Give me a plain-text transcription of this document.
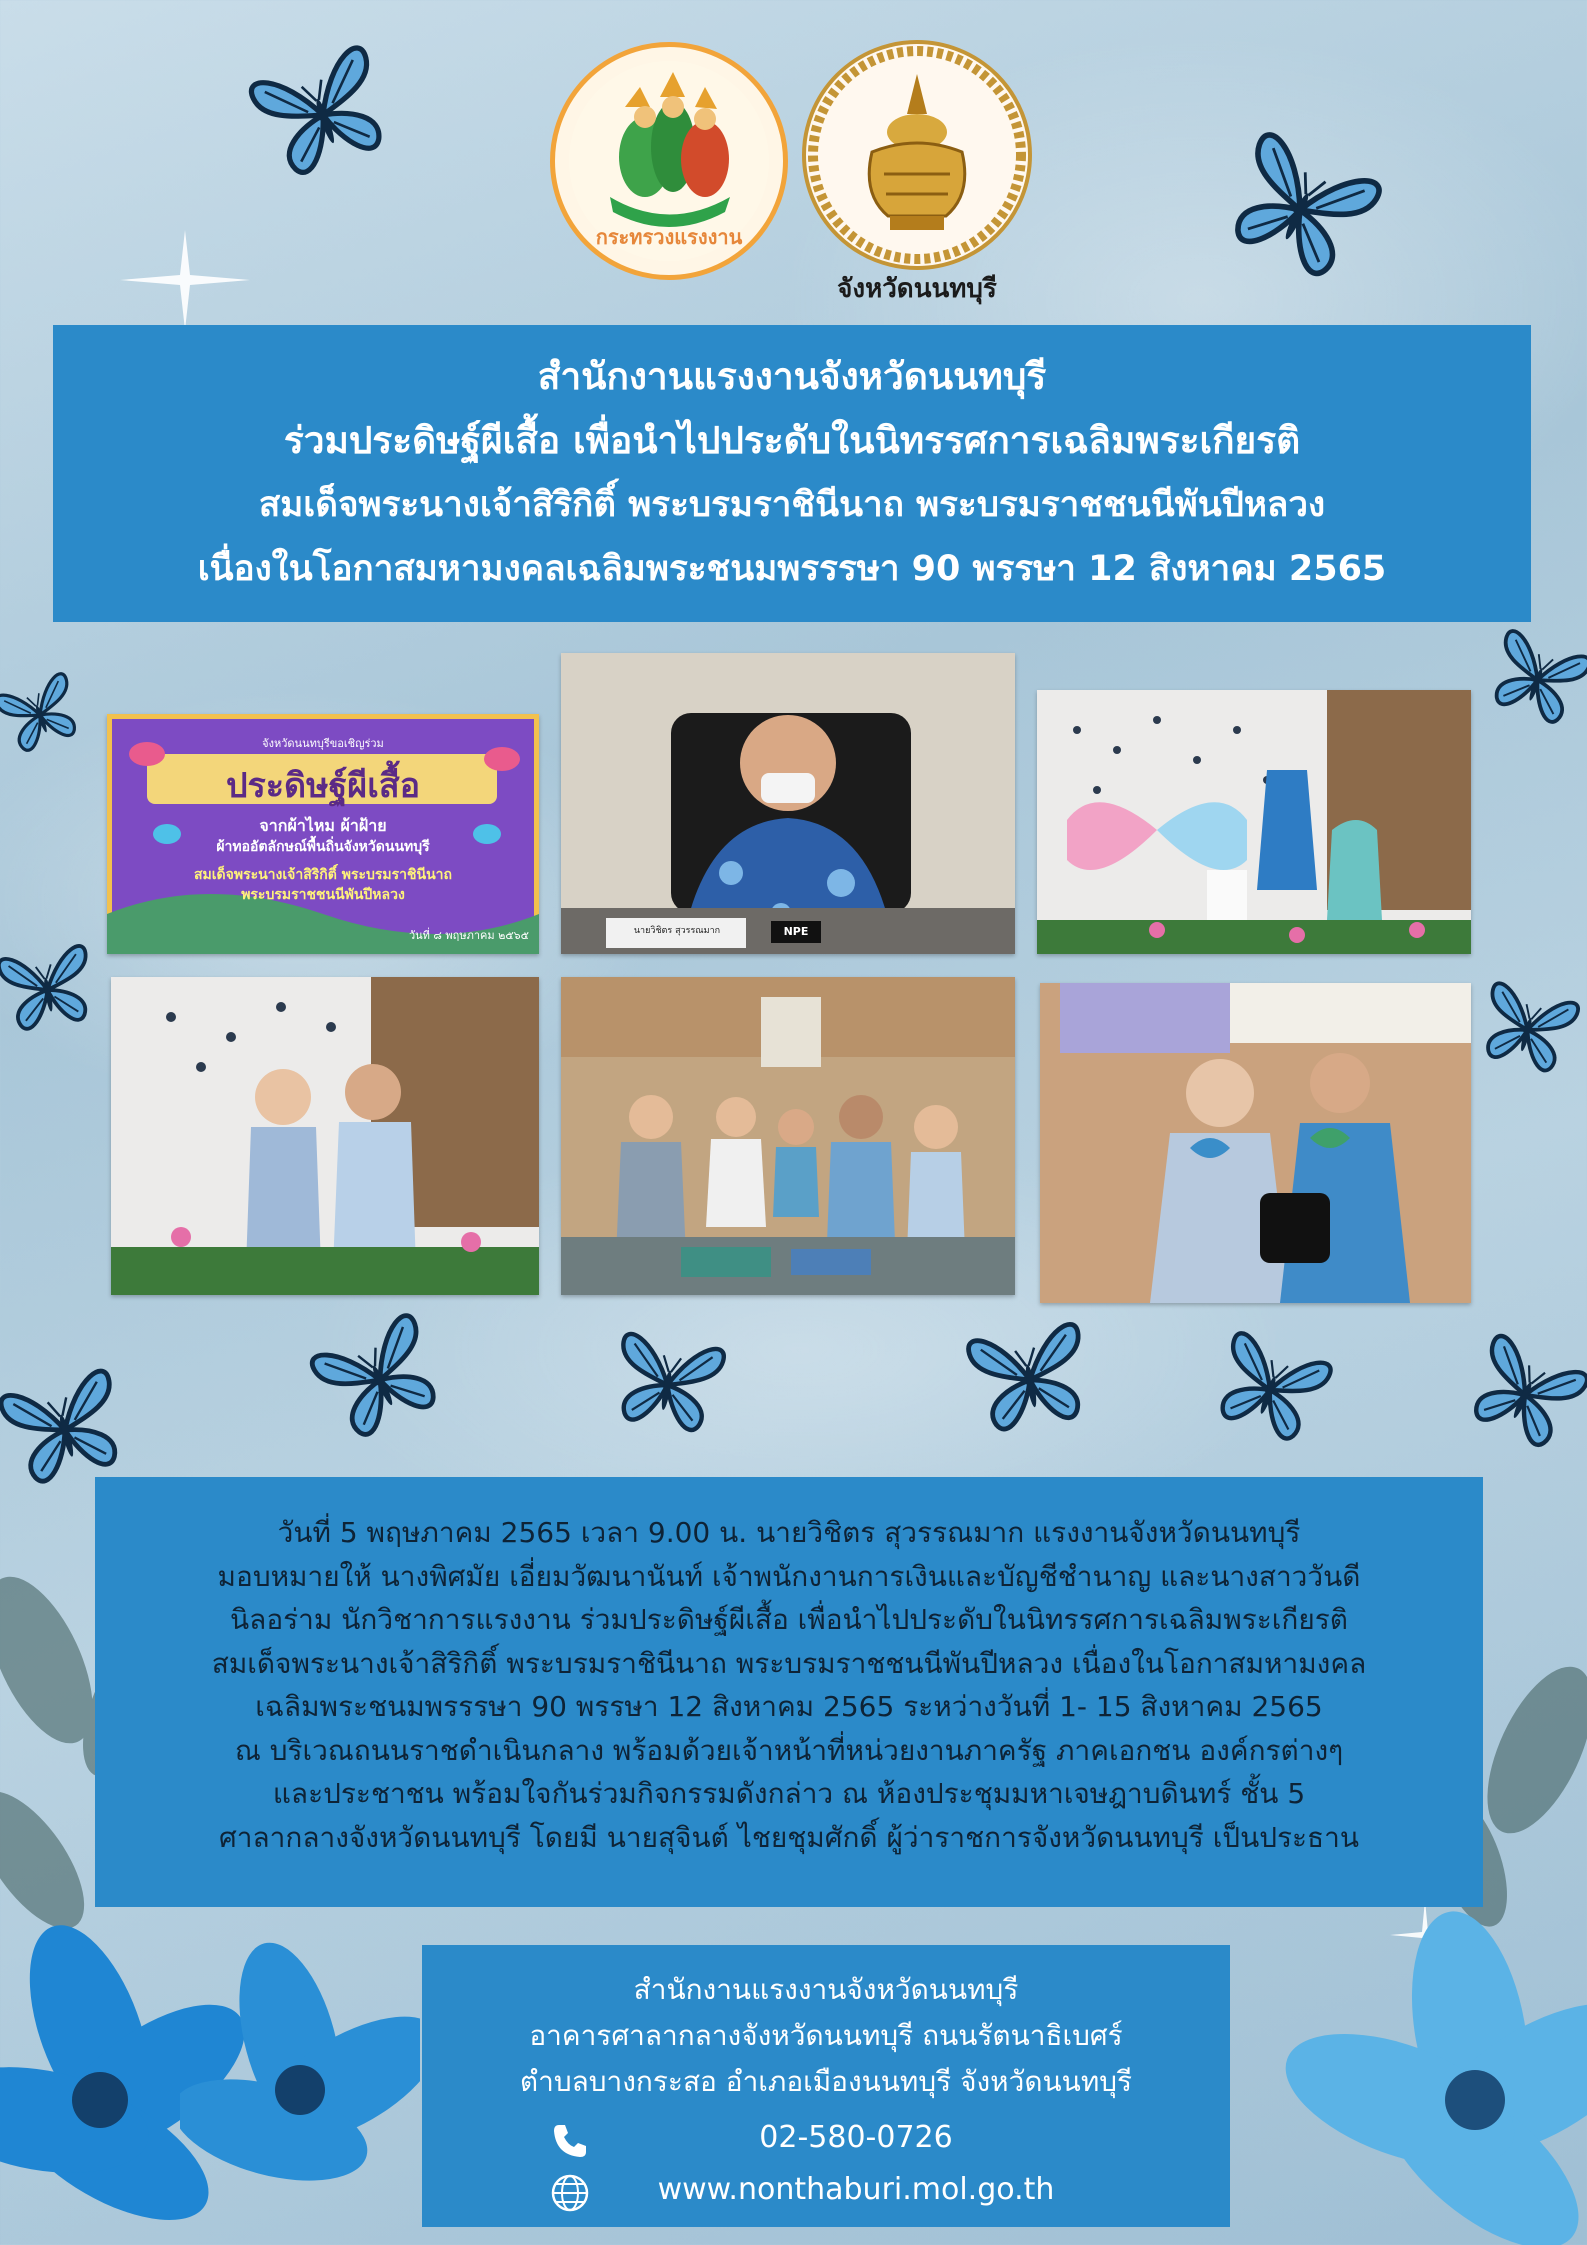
กระทรวงแรงงาน
จังหวัดนนทบุรี
สำนักงานแรงงานจังหวัดนนทบุรี
ร่วมประดิษฐ์ผีเสื้อ เพื่อนำไปประดับในนิทรรศการเฉลิมพระเกียรติ
สมเด็จพระนางเจ้าสิริกิติ์ พระบรมราชินีนาถ พระบรมราชชนนีพันปีหลวง
เนื่องในโอกาสมหามงคลเฉลิมพระชนมพรรรษา 90 พรรษา 12 สิงหาคม 2565
จังหวัดนนทบุรีขอเชิญร่วม
ประดิษฐ์ผีเสื้อ
จากผ้าไหม ผ้าฝ้าย
ผ้าทออัตลักษณ์พื้นถิ่นจังหวัดนนทบุรี
สมเด็จพระนางเจ้าสิริกิติ์ พระบรมราชินีนาถ
พระบรมราชชนนีพันปีหลวง
วันที่ ๘ พฤษภาคม ๒๕๖๕	นายวิชิตร สุวรรณมาก	NPE
วันที่ 5 พฤษภาคม 2565 เวลา 9.00 น. นายวิชิตร สุวรรณมาก แรงงานจังหวัดนนทบุรี
มอบหมายให้ นางพิศมัย เอี่ยมวัฒนานันท์ เจ้าพนักงานการเงินและบัญชีชำนาญ และนางสาววันดี
นิลอร่าม นักวิชาการแรงงาน ร่วมประดิษฐ์ผีเสื้อ เพื่อนำไปประดับในนิทรรศการเฉลิมพระเกียรติ
สมเด็จพระนางเจ้าสิริกิติ์ พระบรมราชินีนาถ พระบรมราชชนนีพันปีหลวง เนื่องในโอกาสมหามงคล
เฉลิมพระชนมพรรรษา 90 พรรษา 12 สิงหาคม 2565 ระหว่างวันที่ 1- 15 สิงหาคม 2565
ณ บริเวณถนนราชดำเนินกลาง พร้อมด้วยเจ้าหน้าที่หน่วยงานภาครัฐ ภาคเอกชน องค์กรต่างๆ
และประชาชน พร้อมใจกันร่วมกิจกรรมดังกล่าว ณ ห้องประชุมมหาเจษฎาบดินทร์ ชั้น 5
ศาลากลางจังหวัดนนทบุรี โดยมี นายสุจินต์ ไชยชุมศักดิ์ ผู้ว่าราชการจังหวัดนนทบุรี เป็นประธาน
สำนักงานแรงงานจังหวัดนนทบุรี
อาคารศาลากลางจังหวัดนนทบุรี ถนนรัตนาธิเบศร์
ตำบลบางกระสอ อำเภอเมืองนนทบุรี จังหวัดนนทบุรี
02-580-0726
www.nonthaburi.mol.go.th
